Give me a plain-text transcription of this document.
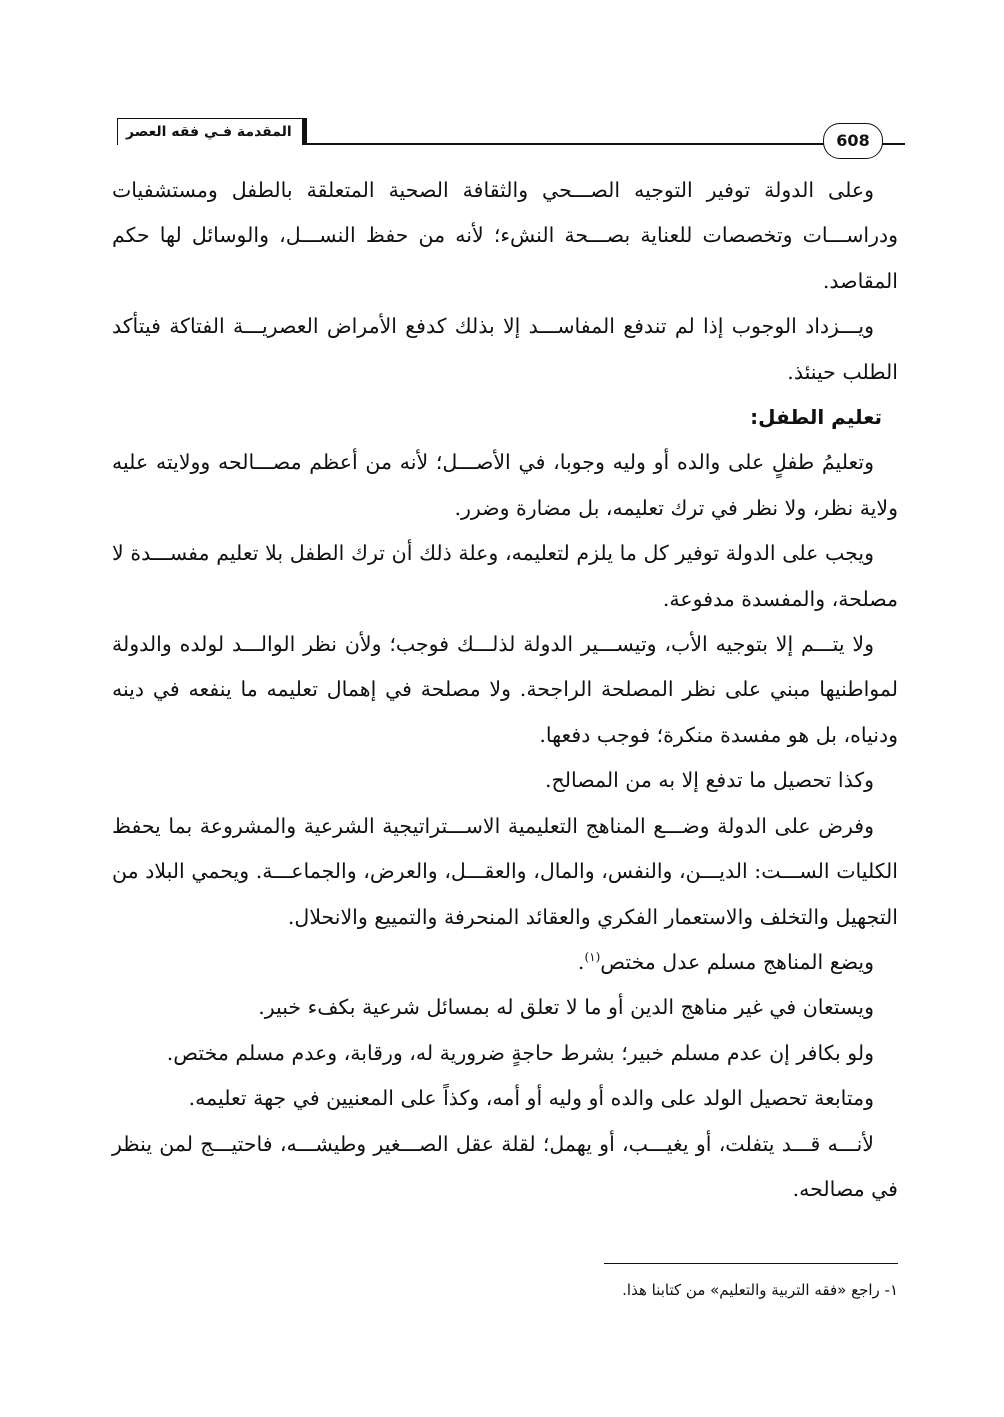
المقدمة فـي فقه العصر	608

وعلى الدولة توفير التوجيه الصـــحي والثقافة الصحية المتعلقة بالطفل ومستشفيات ودراســـات وتخصصات للعناية بصـــحة النشء؛ لأنه من حفظ النســـل، والوسائل لها حكم المقاصد.

ويـــزداد الوجوب إذا لم تندفع المفاســـد إلا بذلك كدفع الأمراض العصريـــة الفتاكة فيتأكد الطلب حينئذ.

تعليم الطفل:

وتعليمُ طفلٍ على والده أو وليه وجوبا، في الأصـــل؛ لأنه من أعظم مصـــالحه وولايته عليه ولاية نظر، ولا نظر في ترك تعليمه، بل مضارة وضرر.

ويجب على الدولة توفير كل ما يلزم لتعليمه، وعلة ذلك أن ترك الطفل بلا تعليم مفســـدة لا مصلحة، والمفسدة مدفوعة.

ولا يتـــم إلا بتوجيه الأب، وتيســـير الدولة لذلـــك فوجب؛ ولأن نظر الوالـــد لولده والدولة لمواطنيها مبني على نظر المصلحة الراجحة. ولا مصلحة في إهمال تعليمه ما ينفعه في دينه ودنياه، بل هو مفسدة منكرة؛ فوجب دفعها.

وكذا تحصيل ما تدفع إلا به من المصالح.

وفرض على الدولة وضـــع المناهج التعليمية الاســـتراتيجية الشرعية والمشروعة بما يحفظ الكليات الســـت: الديـــن، والنفس، والمال، والعقـــل، والعرض، والجماعـــة. ويحمي البلاد من التجهيل والتخلف والاستعمار الفكري والعقائد المنحرفة والتمييع والانحلال.

ويضع المناهج مسلم عدل مختص$^{(١)}$.

ويستعان في غير مناهج الدين أو ما لا تعلق له بمسائل شرعية بكفء خبير.

ولو بكافر إن عدم مسلم خبير؛ بشرط حاجةٍ ضرورية له، ورقابة، وعدم مسلم مختص.

ومتابعة تحصيل الولد على والده أو وليه أو أمه، وكذاً على المعنيين في جهة تعليمه.

لأنـــه قـــد يتفلت، أو يغيـــب، أو يهمل؛ لقلة عقل الصـــغير وطيشـــه، فاحتيـــج لمن ينظر في مصالحه.

١- راجع «فقه التربية والتعليم» من كتابنا هذا.
